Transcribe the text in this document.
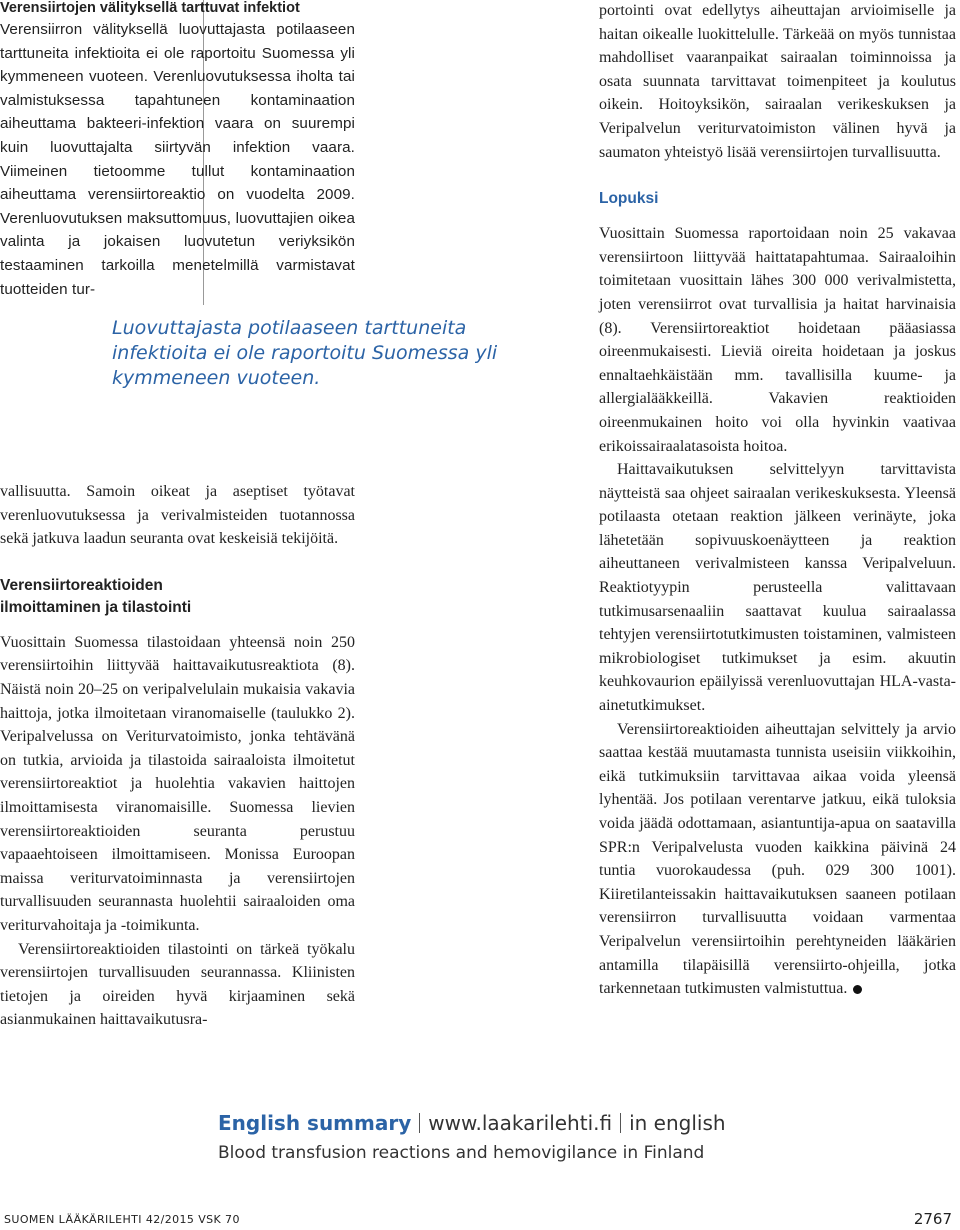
Verensiirtojen välityksellä tarttuvat infektiot

Verensiirron välityksellä luovuttajasta potilaaseen tarttuneita infektioita ei ole raportoitu Suomessa yli kymmeneen vuoteen. Verenluovutuksessa iholta tai valmistuksessa tapahtuneen kontaminaation aiheuttama bakteeri-infektion vaara on suurempi kuin luovuttajalta siirtyvän infektion vaara. Viimeinen tietoomme tullut kontaminaation aiheuttama verensiirtoreaktio on vuodelta 2009. Verenluovutuksen maksuttomuus, luovuttajien oikea valinta ja jokaisen luovutetun veriyksikön testaaminen tarkoilla menetelmillä varmistavat tuotteiden tur-

vallisuutta. Samoin oikeat ja aseptiset työtavat verenluovutuksessa ja verivalmisteiden tuotannossa sekä jatkuva laadun seuranta ovat keskeisiä tekijöitä.

Verensiirtoreaktioiden
ilmoittaminen ja tilastointi

Vuosittain Suomessa tilastoidaan yhteensä noin 250 verensiirtoihin liittyvää haittavaikutusreaktiota (8). Näistä noin 20–25 on veripalvelulain mukaisia vakavia haittoja, jotka ilmoitetaan viranomaiselle (taulukko 2). Veripalvelussa on Veriturvatoimisto, jonka tehtävänä on tutkia, arvioida ja tilastoida sairaaloista ilmoitetut verensiirtoreaktiot ja huolehtia vakavien haittojen ilmoittamisesta viranomaisille. Suomessa lievien verensiirtoreaktioiden seuranta perustuu vapaaehtoiseen ilmoittamiseen. Monissa Euroopan maissa veriturvatoiminnasta ja verensiirtojen turvallisuuden seurannasta huolehtii sairaaloiden oma veriturvahoitaja ja -toimikunta.

Verensiirtoreaktioiden tilastointi on tärkeä työkalu verensiirtojen turvallisuuden seurannassa. Kliinisten tietojen ja oireiden hyvä kirjaaminen sekä asianmukainen haittavaikutusra-

Luovuttajasta potilaaseen tarttuneita infektioita ei ole raportoitu Suomessa yli kymmeneen vuoteen.

portointi ovat edellytys aiheuttajan arvioimiselle ja haitan oikealle luokittelulle. Tärkeää on myös tunnistaa mahdolliset vaaranpaikat sairaalan toiminnoissa ja osata suunnata tarvittavat toimenpiteet ja koulutus oikein. Hoitoyksikön, sairaalan verikeskuksen ja Veripalvelun veriturvatoimiston välinen hyvä ja saumaton yhteistyö lisää verensiirtojen turvallisuutta.

Lopuksi

Vuosittain Suomessa raportoidaan noin 25 vakavaa verensiirtoon liittyvää haittatapahtumaa. Sairaaloihin toimitetaan vuosittain lähes 300 000 verivalmistetta, joten verensiirrot ovat turvallisia ja haitat harvinaisia (8). Verensiirtoreaktiot hoidetaan pääasiassa oireenmukaisesti. Lieviä oireita hoidetaan ja joskus ennaltaehkäistään mm. tavallisilla kuume- ja allergialääkkeillä. Vakavien reaktioiden oireenmukainen hoito voi olla hyvinkin vaativaa erikoissairaalatasoista hoitoa.

Haittavaikutuksen selvittelyyn tarvittavista näytteistä saa ohjeet sairaalan verikeskuksesta. Yleensä potilaasta otetaan reaktion jälkeen verinäyte, joka lähetetään sopivuuskoenäytteen ja reaktion aiheuttaneen verivalmisteen kanssa Veripalveluun. Reaktiotyypin perusteella valittavaan tutkimusarsenaaliin saattavat kuulua sairaalassa tehtyjen verensiirtotutkimusten toistaminen, valmisteen mikrobiologiset tutkimukset ja esim. akuutin keuhkovaurion epäilyissä verenluovuttajan HLA-vasta-ainetutkimukset.

Verensiirtoreaktioiden aiheuttajan selvittely ja arvio saattaa kestää muutamasta tunnista useisiin viikkoihin, eikä tutkimuksiin tarvittavaa aikaa voida yleensä lyhentää. Jos potilaan verentarve jatkuu, eikä tuloksia voida jäädä odottamaan, asiantuntija-apua on saatavilla SPR:n Veripalvelusta vuoden kaikkina päivinä 24 tuntia vuorokaudessa (puh. 029 300 1001). Kiiretilanteissakin haittavaikutuksen saaneen potilaan verensiirron turvallisuutta voidaan varmentaa Veripalvelun verensiirtoihin perehtyneiden lääkärien antamilla tilapäisillä verensiirto-ohjeilla, jotka tarkennetaan tutkimusten valmistuttua.

English summary www.laakarilehti.fi in english
Blood transfusion reactions and hemovigilance in Finland
SUOMEN LÄÄKÄRILEHTI 42/2015 VSK 70	2767
